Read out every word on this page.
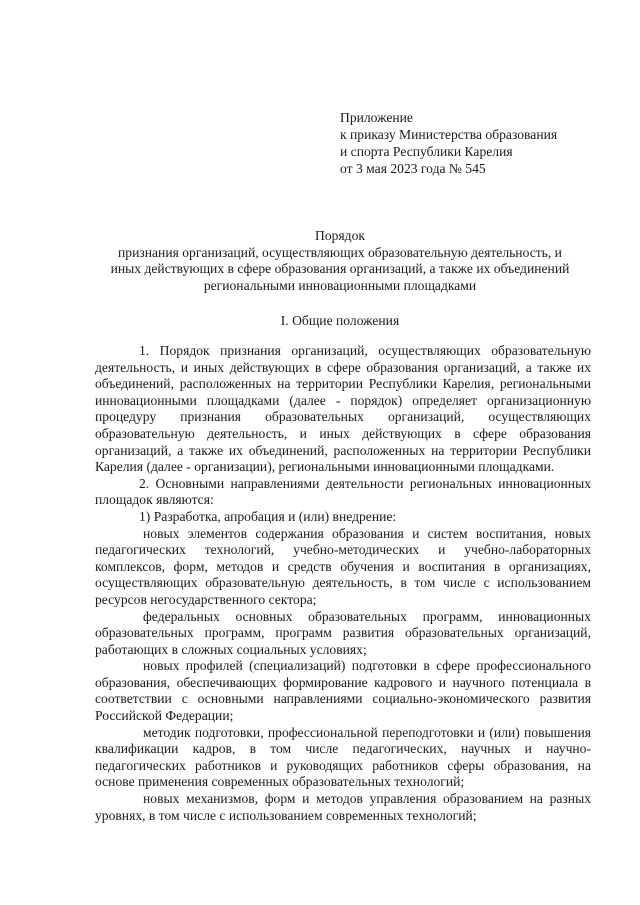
Приложение
к приказу Министерства образования
и спорта Республики Карелия
от 3 мая 2023 года № 545
Порядок
признания организаций, осуществляющих образовательную деятельность, и
иных действующих в сфере образования организаций, а также их объединений
региональными инновационными площадками
I. Общие положения

1. Порядок признания организаций, осуществляющих образовательную деятельность, и иных действующих в сфере образования организаций, а также их объединений, расположенных на территории Республики Карелия, региональными инновационными площадками (далее - порядок) определяет организационную процедуру признания образовательных организаций, осуществляющих образовательную деятельность, и иных действующих в сфере образования организаций, а также их объединений, расположенных на территории Республики Карелия (далее - организации), региональными инновационными площадками.

2. Основными направлениями деятельности региональных инновационных площадок являются:

1) Разработка, апробация и (или) внедрение:

новых элементов содержания образования и систем воспитания, новых педагогических технологий, учебно-методических и учебно-лабораторных комплексов, форм, методов и средств обучения и воспитания в организациях, осуществляющих образовательную деятельность, в том числе с использованием ресурсов негосударственного сектора;

федеральных основных образовательных программ, инновационных образовательных программ, программ развития образовательных организаций, работающих в сложных социальных условиях;

новых профилей (специализаций) подготовки в сфере профессионального образования, обеспечивающих формирование кадрового и научного потенциала в соответствии с основными направлениями социально-экономического развития Российской Федерации;

методик подготовки, профессиональной переподготовки и (или) повышения квалификации кадров, в том числе педагогических, научных и научно-педагогических работников и руководящих работников сферы образования, на основе применения современных образовательных технологий;

новых механизмов, форм и методов управления образованием на разных уровнях, в том числе с использованием современных технологий;
